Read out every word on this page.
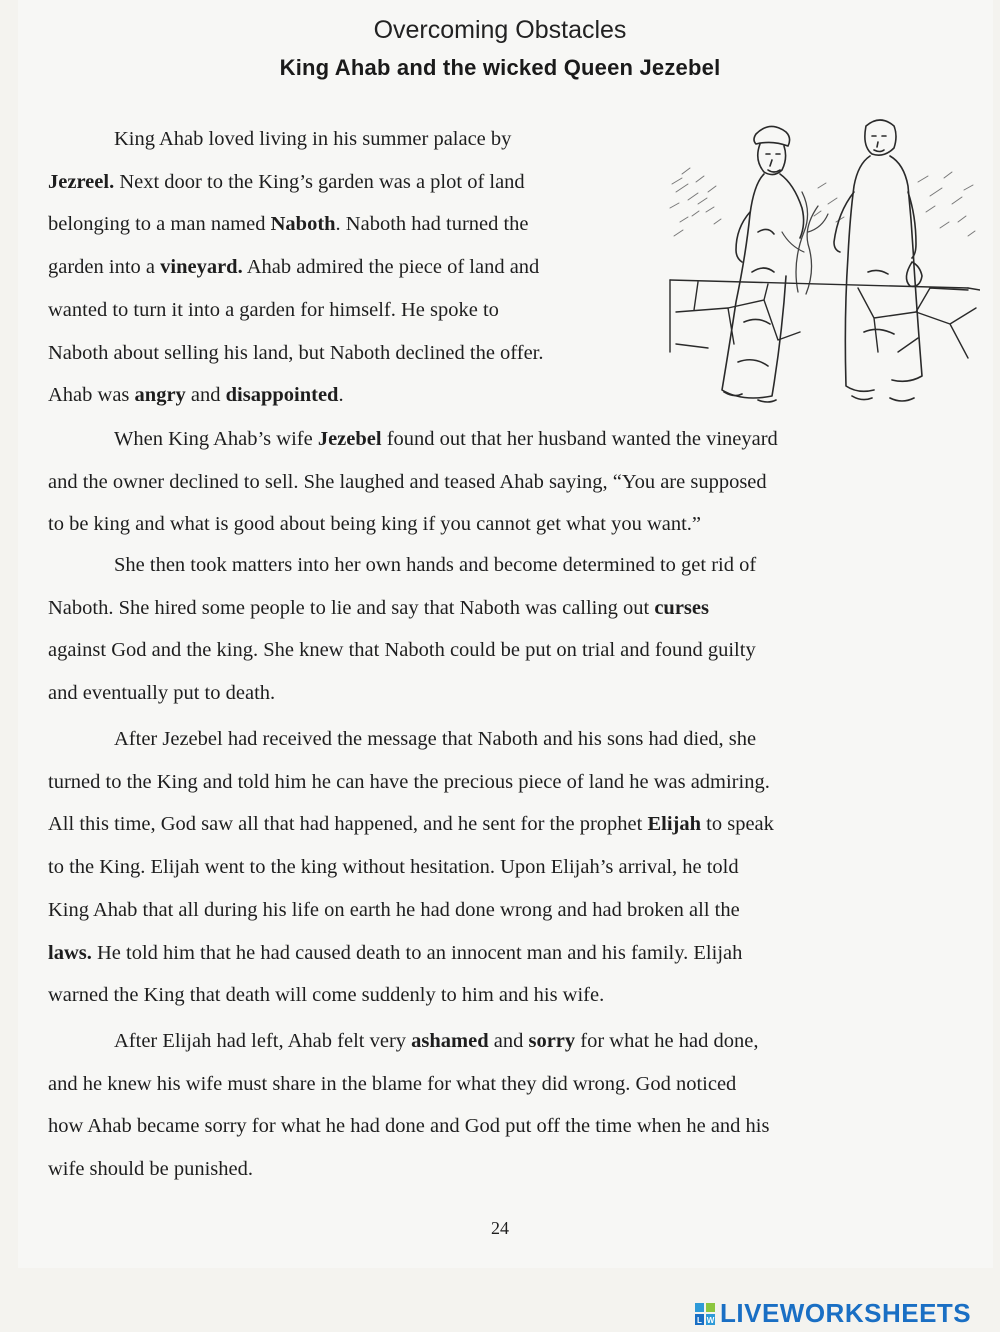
Overcoming Obstacles
King Ahab and the wicked Queen Jezebel
King Ahab loved living in his summer palace by
Jezreel. Next door to the King’s garden was a plot of land
belonging to a man named Naboth. Naboth had turned the
garden into a vineyard. Ahab admired the piece of land and
wanted to turn it into a garden for himself. He spoke to
Naboth about selling his land, but Naboth declined the offer.
Ahab was angry and disappointed.
When King Ahab’s wife Jezebel found out that her husband wanted the vineyard
and the owner declined to sell. She laughed and teased Ahab saying, “You are supposed
to be king and what is good about being king if you cannot get what you want.”
She then took matters into her own hands and become determined to get rid of
Naboth. She hired some people to lie and say that Naboth was calling out curses
against God and the king. She knew that Naboth could be put on trial and found guilty
and eventually put to death.
After Jezebel had received the message that Naboth and his sons had died, she
turned to the King and told him he can have the precious piece of land he was admiring.
All this time, God saw all that had happened, and he sent for the prophet Elijah to speak
to the King. Elijah went to the king without hesitation. Upon Elijah’s arrival, he told
King Ahab that all during his life on earth he had done wrong and had broken all the
laws. He told him that he had caused death to an innocent man and his family. Elijah
warned the King that death will come suddenly to him and his wife.
After Elijah had left, Ahab felt very ashamed and sorry for what he had done,
and he knew his wife must share in the blame for what they did wrong. God noticed
how Ahab became sorry for what he had done and God put off the time when he and his
wife should be punished.
24
L W LIVEWORKSHEETS
